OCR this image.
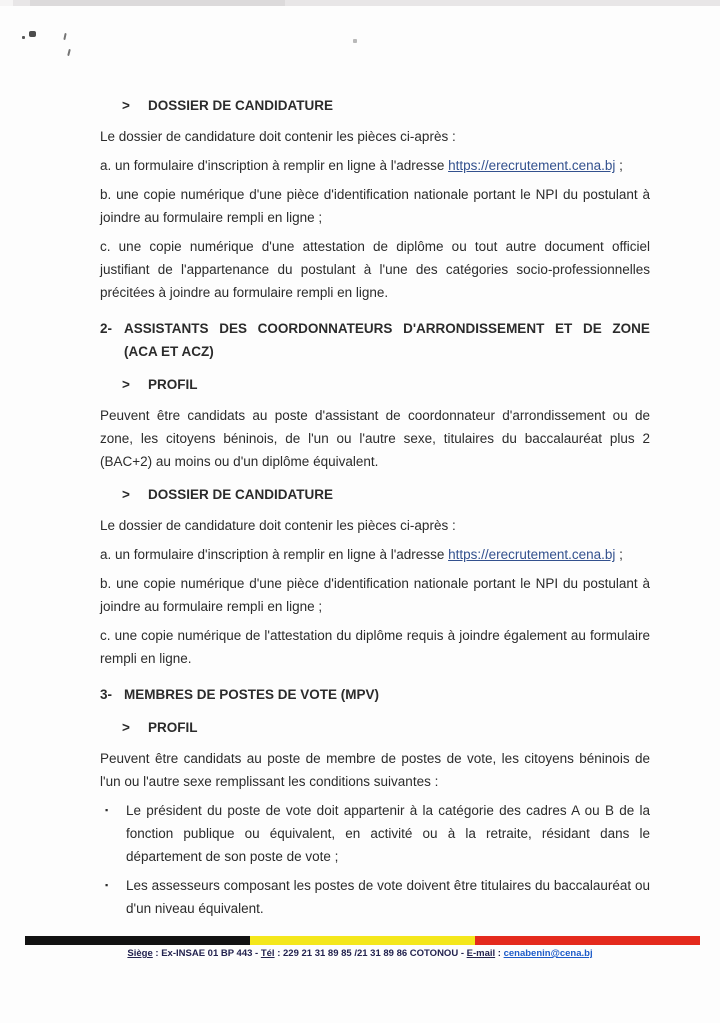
>	DOSSIER DE CANDIDATURE

Le dossier de candidature doit contenir les pièces ci-après :

a. un formulaire d'inscription à remplir en ligne à l'adresse https://erecrutement.cena.bj ;

b. une copie numérique d'une pièce d'identification nationale portant le NPI du postulant à joindre au formulaire rempli en ligne ;

c. une copie numérique d'une attestation de diplôme ou tout autre document officiel justifiant de l'appartenance du postulant à l'une des catégories socio-professionnelles précitées à joindre au formulaire rempli en ligne.

2- ASSISTANTS DES COORDONNATEURS D'ARRONDISSEMENT ET DE ZONE
(ACA ET ACZ)
>	PROFIL

Peuvent être candidats au poste d'assistant de coordonnateur d'arrondissement ou de zone, les citoyens béninois, de l'un ou l'autre sexe, titulaires du baccalauréat plus 2 (BAC+2) au moins ou d'un diplôme équivalent.

>	DOSSIER DE CANDIDATURE

Le dossier de candidature doit contenir les pièces ci-après :

a. un formulaire d'inscription à remplir en ligne à l'adresse https://erecrutement.cena.bj ;

b. une copie numérique d'une pièce d'identification nationale portant le NPI du postulant à joindre au formulaire rempli en ligne ;

c. une copie numérique de l'attestation du diplôme requis à joindre également au formulaire rempli en ligne.

3- MEMBRES DE POSTES DE VOTE (MPV)
>	PROFIL

Peuvent être candidats au poste de membre de postes de vote, les citoyens béninois de l'un ou l'autre sexe remplissant les conditions suivantes :

▪	Le président du poste de vote doit appartenir à la catégorie des cadres A ou B de la fonction publique ou équivalent, en activité ou à la retraite, résidant dans le département de son poste de vote ;

▪	Les assesseurs composant les postes de vote doivent être titulaires du baccalauréat ou d'un niveau équivalent.

Siège : Ex-INSAE 01 BP 443 - Tél : 229 21 31 89 85 /21 31 89 86 COTONOU - E-mail : cenabenin@cena.bj
